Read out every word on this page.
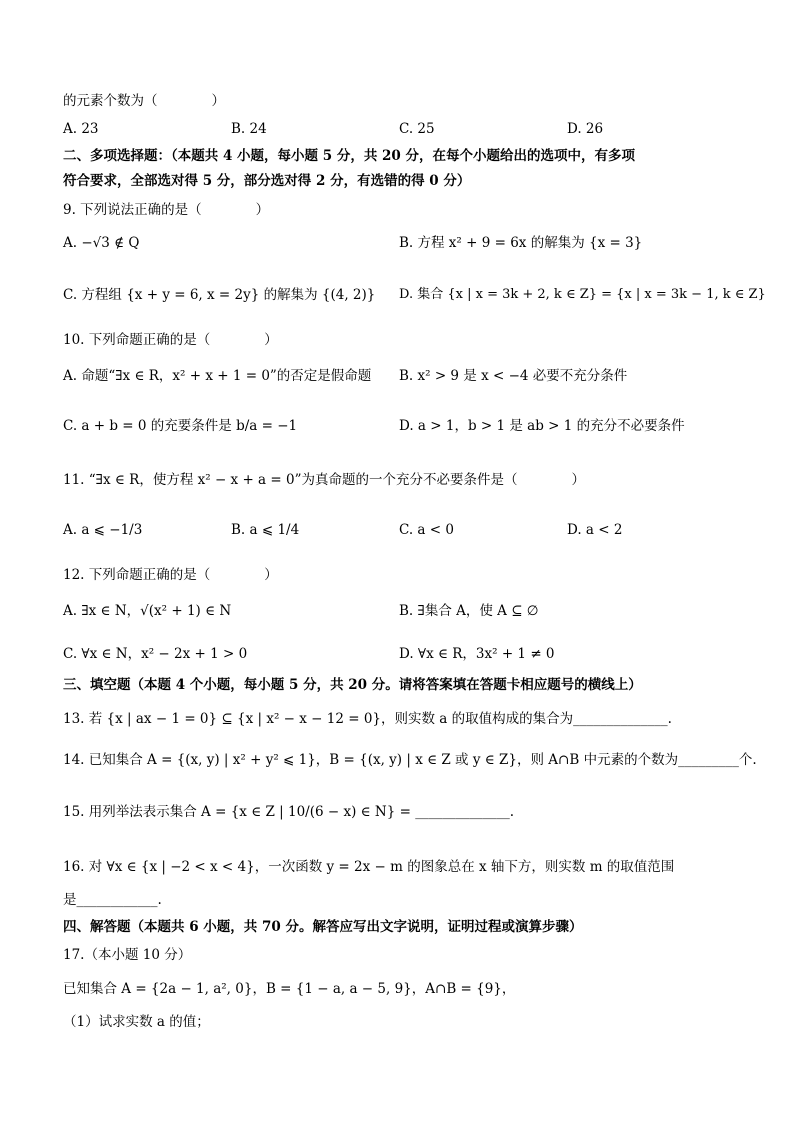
的元素个数为（　　　　）
A. 23	B. 24	C. 25	D. 26
二、多项选择题：（本题共 4 小题，每小题 5 分，共 20 分，在每个小题给出的选项中，有多项
符合要求，全部选对得 5 分，部分选对得 2 分，有选错的得 0 分）
9. 下列说法正确的是（　　　　）
A. −√3 ∉ Q	B. 方程 x² + 9 = 6x 的解集为 {x = 3}
C. 方程组 {x + y = 6, x = 2y} 的解集为 {(4, 2)} D. 集合 {x | x = 3k + 2, k ∈ Z} = {x | x = 3k − 1, k ∈ Z}
10. 下列命题正确的是（　　　　）
A. 命题“∃x ∈ R，x² + x + 1 = 0”的否定是假命题 B. x² > 9 是 x < −4 必要不充分条件
C. a + b = 0 的充要条件是 b/a = −1	D. a > 1，b > 1 是 ab > 1 的充分不必要条件
11. “∃x ∈ R，使方程 x² − x + a = 0”为真命题的一个充分不必要条件是（　　　　）
A. a ⩽ −1/3	B. a ⩽ 1/4	C. a < 0	D. a < 2
12. 下列命题正确的是（　　　　）
A. ∃x ∈ N，√(x² + 1) ∈ N	B. ∃集合 A，使 A ⊆ ∅
C. ∀x ∈ N，x² − 2x + 1 > 0	D. ∀x ∈ R，3x² + 1 ≠ 0
三、填空题（本题 4 个小题，每小题 5 分，共 20 分。请将答案填在答题卡相应题号的横线上）
13. 若 {x | ax − 1 = 0} ⊆ {x | x² − x − 12 = 0}，则实数 a 的取值构成的集合为______________.
14. 已知集合 A = {(x, y) | x² + y² ⩽ 1}，B = {(x, y) | x ∈ Z 或 y ∈ Z}，则 A∩B 中元素的个数为_________个.
15. 用列举法表示集合 A = {x ∈ Z | 10/(6 − x) ∈ N} = ______________.
16. 对 ∀x ∈ {x | −2 < x < 4}，一次函数 y = 2x − m 的图象总在 x 轴下方，则实数 m 的取值范围
是____________.
四、解答题（本题共 6 小题，共 70 分。解答应写出文字说明，证明过程或演算步骤）
17.（本小题 10 分）
已知集合 A = {2a − 1, a², 0}，B = {1 − a, a − 5, 9}，A∩B = {9}，
（1）试求实数 a 的值；
